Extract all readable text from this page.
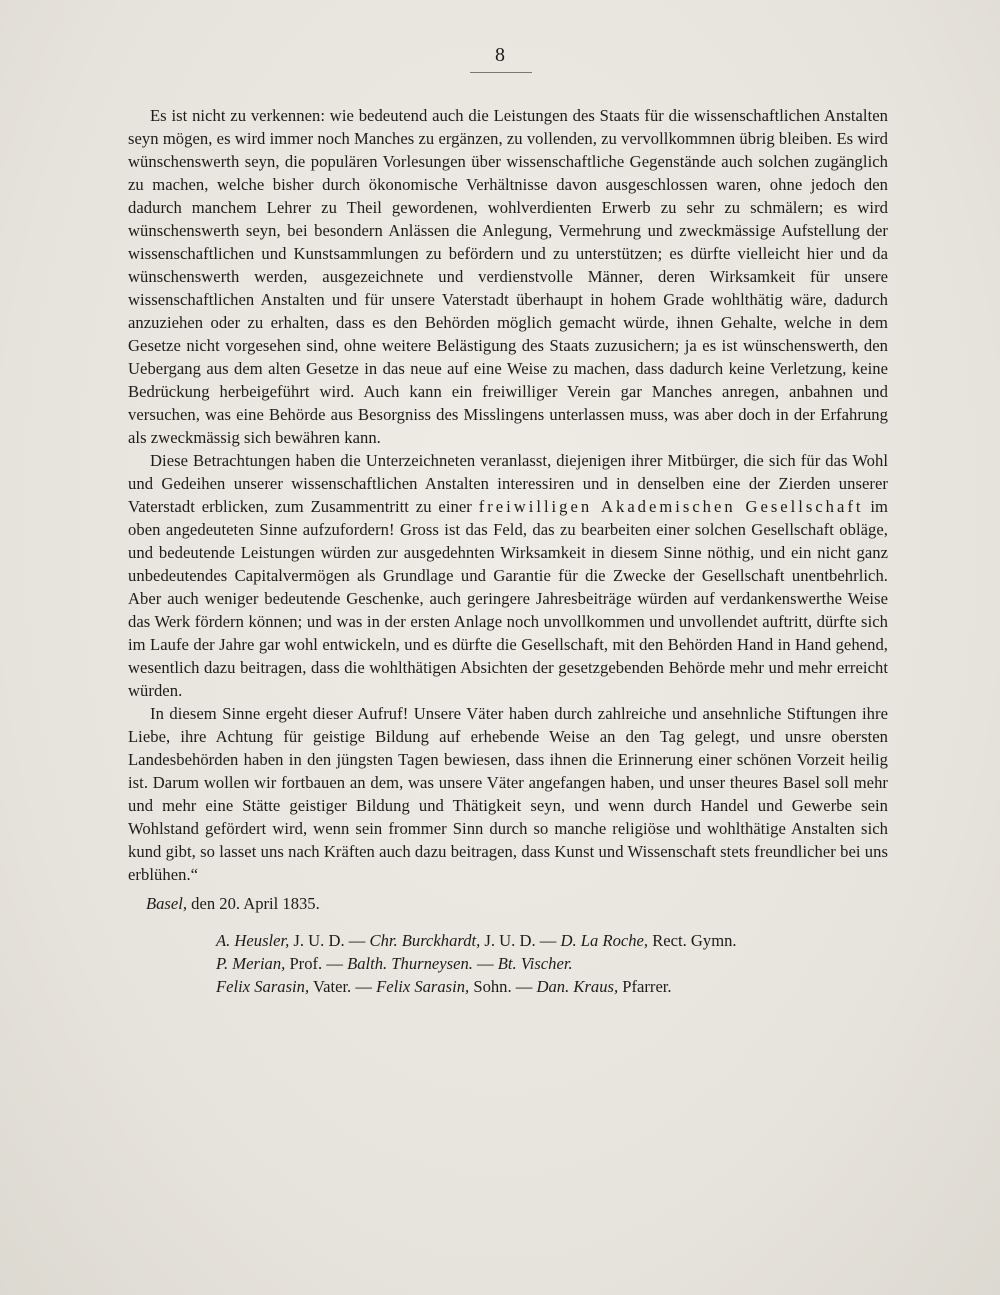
8

Es ist nicht zu verkennen: wie bedeutend auch die Leistungen des Staats für die wissenschaftlichen Anstalten seyn mögen, es wird immer noch Manches zu ergänzen, zu vollenden, zu vervollkommnen übrig bleiben. Es wird wünschenswerth seyn, die populären Vorlesungen über wissenschaftliche Gegenstände auch solchen zugänglich zu machen, welche bisher durch ökonomische Verhältnisse davon ausgeschlossen waren, ohne jedoch den dadurch manchem Lehrer zu Theil gewordenen, wohlverdienten Erwerb zu sehr zu schmälern; es wird wünschenswerth seyn, bei besondern Anlässen die Anlegung, Vermehrung und zweckmässige Aufstellung der wissenschaftlichen und Kunstsammlungen zu befördern und zu unterstützen; es dürfte vielleicht hier und da wünschenswerth werden, ausgezeichnete und verdienstvolle Männer, deren Wirksamkeit für unsere wissenschaftlichen Anstalten und für unsere Vaterstadt überhaupt in hohem Grade wohlthätig wäre, dadurch anzuziehen oder zu erhalten, dass es den Behörden möglich gemacht würde, ihnen Gehalte, welche in dem Gesetze nicht vorgesehen sind, ohne weitere Belästigung des Staats zuzusichern; ja es ist wünschenswerth, den Uebergang aus dem alten Gesetze in das neue auf eine Weise zu machen, dass dadurch keine Verletzung, keine Bedrückung herbeigeführt wird. Auch kann ein freiwilliger Verein gar Manches anregen, anbahnen und versuchen, was eine Behörde aus Besorgniss des Misslingens unterlassen muss, was aber doch in der Erfahrung als zweckmässig sich bewähren kann.

Diese Betrachtungen haben die Unterzeichneten veranlasst, diejenigen ihrer Mitbürger, die sich für das Wohl und Gedeihen unserer wissenschaftlichen Anstalten interessiren und in denselben eine der Zierden unserer Vaterstadt erblicken, zum Zusammentritt zu einer freiwilligen Akademischen Gesellschaft im oben angedeuteten Sinne aufzufordern! Gross ist das Feld, das zu bearbeiten einer solchen Gesellschaft obläge, und bedeutende Leistungen würden zur ausgedehnten Wirksamkeit in diesem Sinne nöthig, und ein nicht ganz unbedeutendes Capitalvermögen als Grundlage und Garantie für die Zwecke der Gesellschaft unentbehrlich. Aber auch weniger bedeutende Geschenke, auch geringere Jahresbeiträge würden auf verdankenswerthe Weise das Werk fördern können; und was in der ersten Anlage noch unvollkommen und unvollendet auftritt, dürfte sich im Laufe der Jahre gar wohl entwickeln, und es dürfte die Gesellschaft, mit den Behörden Hand in Hand gehend, wesentlich dazu beitragen, dass die wohlthätigen Absichten der gesetzgebenden Behörde mehr und mehr erreicht würden.

In diesem Sinne ergeht dieser Aufruf! Unsere Väter haben durch zahlreiche und ansehnliche Stiftungen ihre Liebe, ihre Achtung für geistige Bildung auf erhebende Weise an den Tag gelegt, und unsre obersten Landesbehörden haben in den jüngsten Tagen bewiesen, dass ihnen die Erinnerung einer schönen Vorzeit heilig ist. Darum wollen wir fortbauen an dem, was unsere Väter angefangen haben, und unser theures Basel soll mehr und mehr eine Stätte geistiger Bildung und Thätigkeit seyn, und wenn durch Handel und Gewerbe sein Wohlstand gefördert wird, wenn sein frommer Sinn durch so manche religiöse und wohlthätige Anstalten sich kund gibt, so lasset uns nach Kräften auch dazu beitragen, dass Kunst und Wissenschaft stets freundlicher bei uns erblühen.“

Basel, den 20. April 1835.
A. Heusler, J. U. D. — Chr. Burckhardt, J. U. D. — D. La Roche, Rect. Gymn.
P. Merian, Prof. — Balth. Thurneysen. — Bt. Vischer.
Felix Sarasin, Vater. — Felix Sarasin, Sohn. — Dan. Kraus, Pfarrer.
